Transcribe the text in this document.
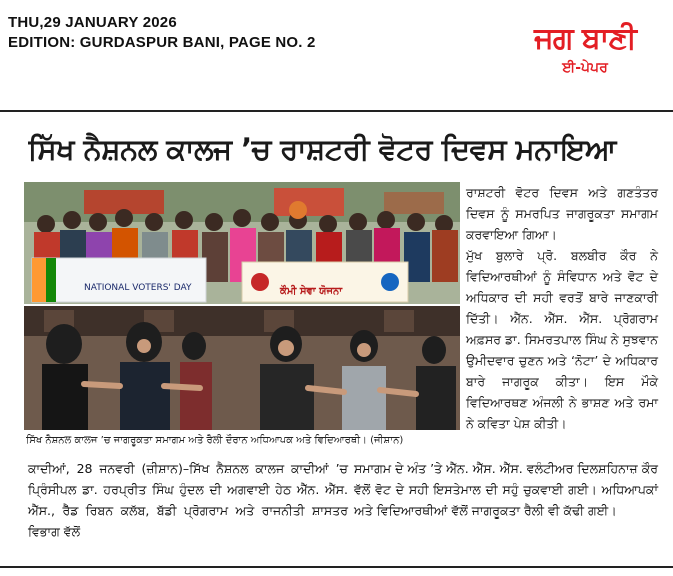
THU,29 JANUARY 2026
EDITION: GURDASPUR BANI, PAGE NO. 2	ਜਗ ਬਾਣੀ
ਈ-ਪੇਪਰ
ਸਿੱਖ ਨੈਸ਼ਨਲ ਕਾਲਜ ’ਚ ਰਾਸ਼ਟਰੀ ਵੋਟਰ ਦਿਵਸ ਮਨਾਇਆ
NATIONAL VOTERS' DAY	ਕੌਮੀ ਸੇਵਾ ਯੋਜਨਾ
ਸਿੱਖ ਨੈਸ਼ਨਲ ਕਾਲਜ ’ਚ ਜਾਗਰੂਕਤਾ ਸਮਾਗਮ ਅਤੇ ਰੈਲੀ ਦੌਰਾਨ ਅਧਿਆਪਕ ਅਤੇ ਵਿਦਿਆਰਥੀ। (ਜੀਸ਼ਾਨ)

ਰਾਸ਼ਟਰੀ ਵੋਟਰ ਦਿਵਸ ਅਤੇ ਗਣਤੰਤਰ ਦਿਵਸ ਨੂੰ ਸਮਰਪਿਤ ਜਾਗਰੂਕਤਾ ਸਮਾਗਮ ਕਰਵਾਇਆ ਗਿਆ।

ਮੁੱਖ ਬੁਲਾਰੇ ਪ੍ਰੋ. ਬਲਬੀਰ ਕੌਰ ਨੇ ਵਿਦਿਆਰਥੀਆਂ ਨੂੰ ਸੰਵਿਧਾਨ ਅਤੇ ਵੋਟ ਦੇ ਅਧਿਕਾਰ ਦੀ ਸਹੀ ਵਰਤੋਂ ਬਾਰੇ ਜਾਣਕਾਰੀ ਦਿੱਤੀ। ਐੱਨ. ਐੱਸ. ਐੱਸ. ਪ੍ਰੋਗਰਾਮ ਅਫ਼ਸਰ ਡਾ. ਸਿਮਰਤਪਾਲ ਸਿੰਘ ਨੇ ਸੁਝਵਾਨ ਉਮੀਦਵਾਰ ਚੁਣਨ ਅਤੇ ‘ਨੋਟਾ’ ਦੇ ਅਧਿਕਾਰ ਬਾਰੇ ਜਾਗਰੂਕ ਕੀਤਾ। ਇਸ ਮੌਕੇ ਵਿਦਿਆਰਥਣ ਅੰਜਲੀ ਨੇ ਭਾਸ਼ਣ ਅਤੇ ਰਮਾ ਨੇ ਕਵਿਤਾ ਪੇਸ਼ ਕੀਤੀ।

ਕਾਦੀਆਂ, 28 ਜਨਵਰੀ (ਜ਼ੀਸ਼ਾਨ)–ਸਿੱਖ ਨੈਸ਼ਨਲ ਕਾਲਜ ਕਾਦੀਆਂ ’ਚ ਪ੍ਰਿੰਸੀਪਲ ਡਾ. ਹਰਪ੍ਰੀਤ ਸਿੰਘ ਹੁੰਦਲ ਦੀ ਅਗਵਾਈ ਹੇਠ ਐੱਨ. ਐੱਸ. ਐੱਸ., ਰੈੱਡ ਰਿਬਨ ਕਲੱਬ, ਬੱਡੀ ਪ੍ਰੋਗਰਾਮ ਅਤੇ ਰਾਜਨੀਤੀ ਸ਼ਾਸਤਰ ਵਿਭਾਗ ਵੱਲੋਂ

ਸਮਾਗਮ ਦੇ ਅੰਤ ’ਤੇ ਐੱਨ. ਐੱਸ. ਐੱਸ. ਵਲੰਟੀਅਰ ਦਿਲਸ਼ਹਿਨਾਜ਼ ਕੌਰ ਵੱਲੋਂ ਵੋਟ ਦੇ ਸਹੀ ਇਸਤੇਮਾਲ ਦੀ ਸਹੁੰ ਚੁਕਵਾਈ ਗਈ। ਅਧਿਆਪਕਾਂ ਅਤੇ ਵਿਦਿਆਰਥੀਆਂ ਵੱਲੋਂ ਜਾਗਰੂਕਤਾ ਰੈਲੀ ਵੀ ਕੱਢੀ ਗਈ।
